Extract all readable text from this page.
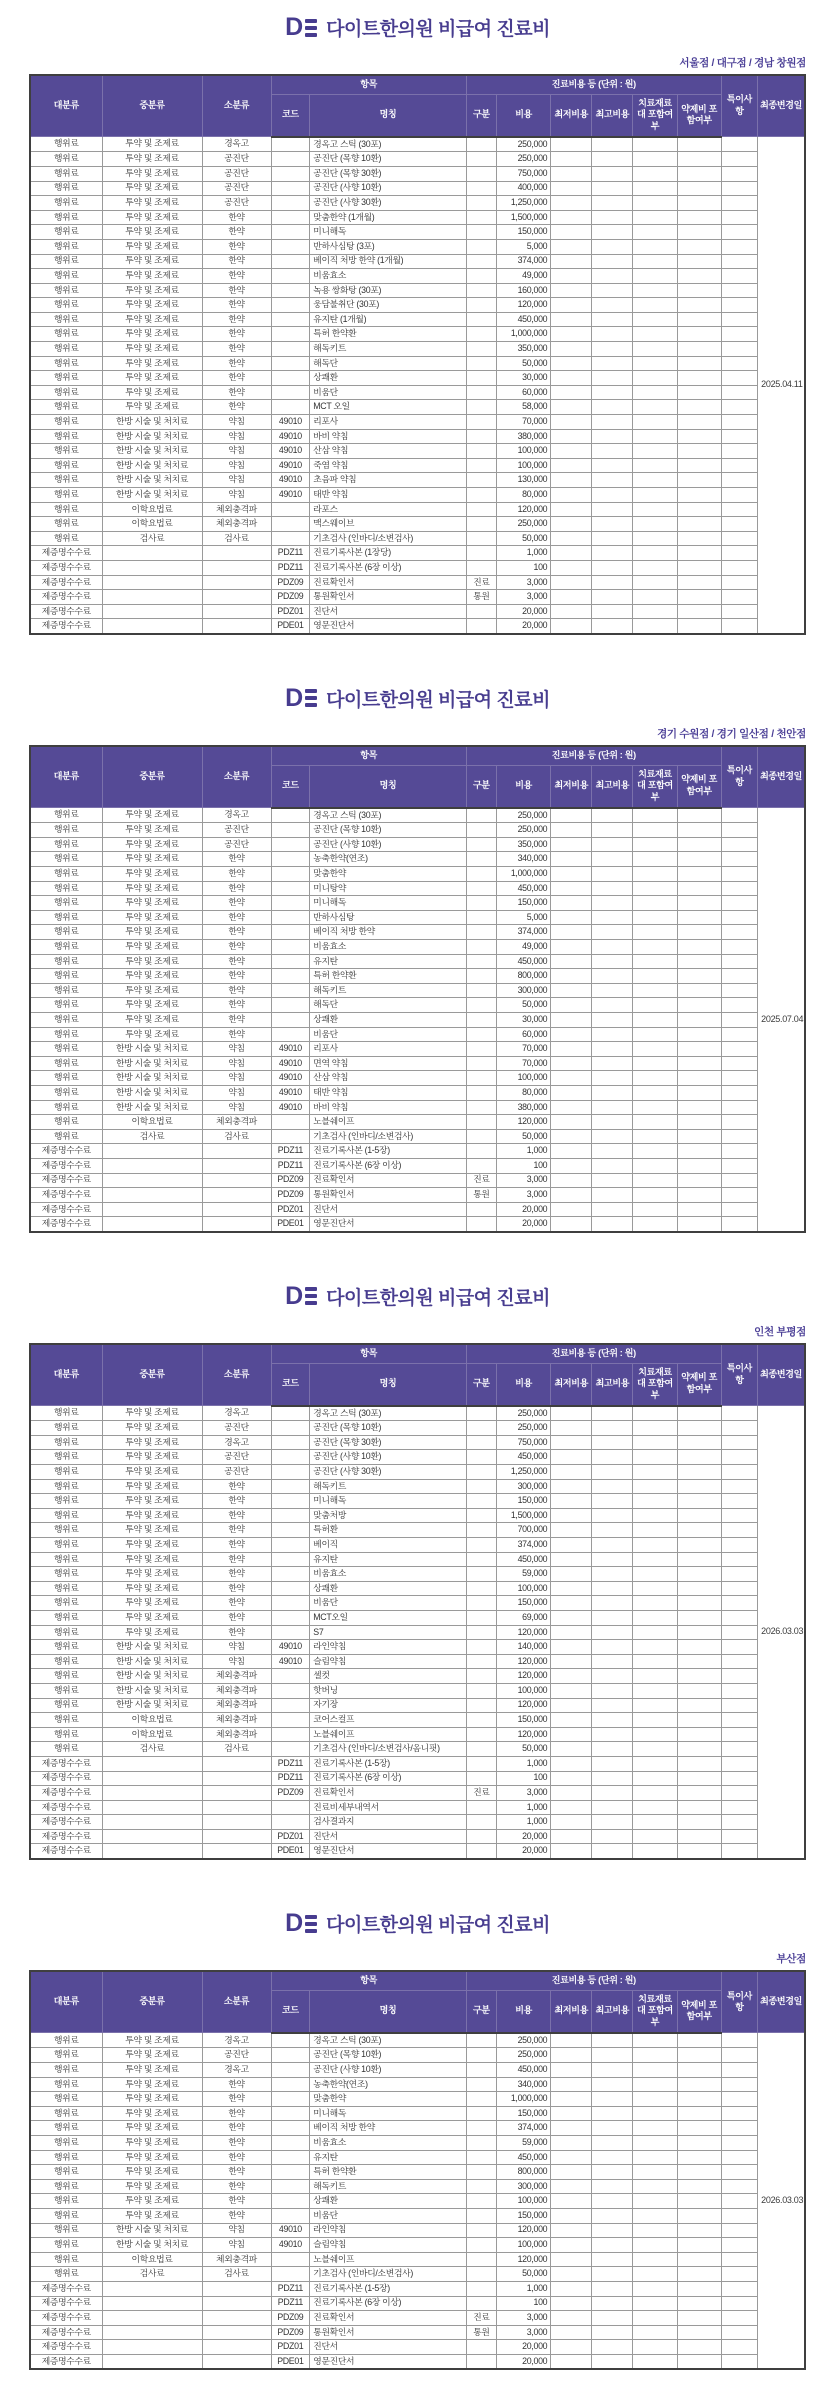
D 다이트한의원 비급여 진료비
서울점 / 대구점 / 경남 창원점
대분류	중분류	소분류	항목		진료비용 등 (단위 : 원)						특이사항	최종변경일
			코드	명칭	구분	비용	최저비용	최고비용	치료재료대 포함여부	약제비 포함여부		
행위료	투약 및 조제료	경옥고		경옥고 스틱 (30포)		250,000						2025.04.11
행위료	투약 및 조제료	공진단		공진단 (목향 10환)		250,000						
행위료	투약 및 조제료	공진단		공진단 (목향 30환)		750,000						
행위료	투약 및 조제료	공진단		공진단 (사향 10환)		400,000						
행위료	투약 및 조제료	공진단		공진단 (사향 30환)		1,250,000						
행위료	투약 및 조제료	한약		맞춤한약 (1개월)		1,500,000						
행위료	투약 및 조제료	한약		미니해독		150,000						
행위료	투약 및 조제료	한약		반하사심탕 (3포)		5,000						
행위료	투약 및 조제료	한약		베이직 처방 한약 (1개월)		374,000						
행위료	투약 및 조제료	한약		비움효소		49,000						
행위료	투약 및 조제료	한약		녹용 쌍화탕 (30포)		160,000						
행위료	투약 및 조제료	한약		웅담불취단 (30포)		120,000						
행위료	투약 및 조제료	한약		유지탄 (1개월)		450,000						
행위료	투약 및 조제료	한약		특허 한약환		1,000,000						
행위료	투약 및 조제료	한약		해독키트		350,000						
행위료	투약 및 조제료	한약		해독단		50,000						
행위료	투약 및 조제료	한약		상쾌환		30,000						
행위료	투약 및 조제료	한약		비움단		60,000						
행위료	투약 및 조제료	한약		MCT 오일		58,000						
행위료	한방 시술 및 처치료	약침	49010	리포사		70,000						
행위료	한방 시술 및 처치료	약침	49010	바비 약침		380,000						
행위료	한방 시술 및 처치료	약침	49010	산삼 약침		100,000						
행위료	한방 시술 및 처치료	약침	49010	죽염 약침		100,000						
행위료	한방 시술 및 처치료	약침	49010	초음파 약침		130,000						
행위료	한방 시술 및 처치료	약침	49010	태반 약침		80,000						
행위료	이학요법료	체외충격파		라포스		120,000						
행위료	이학요법료	체외충격파		맥스웨이브		250,000						
행위료	검사료	검사료		기초검사 (인바디/소변검사)		50,000						
제증명수수료			PDZ11	진료기록사본 (1장당)		1,000						
제증명수수료			PDZ11	진료기록사본 (6장 이상)		100						
제증명수수료			PDZ09	진료확인서	진료	3,000						
제증명수수료			PDZ09	통원확인서	통원	3,000						
제증명수수료			PDZ01	진단서		20,000						
제증명수수료			PDE01	영문진단서		20,000						
D 다이트한의원 비급여 진료비
경기 수원점 / 경기 일산점 / 천안점
대분류	중분류	소분류	항목		진료비용 등 (단위 : 원)						특이사항	최종변경일
			코드	명칭	구분	비용	최저비용	최고비용	치료재료대 포함여부	약제비 포함여부		
행위료	투약 및 조제료	경옥고		경옥고 스틱 (30포)		250,000						2025.07.04
행위료	투약 및 조제료	공진단		공진단 (목향 10환)		250,000						
행위료	투약 및 조제료	공진단		공진단 (사향 10환)		350,000						
행위료	투약 및 조제료	한약		농축한약(연조)		340,000						
행위료	투약 및 조제료	한약		맞춤한약		1,000,000						
행위료	투약 및 조제료	한약		미니탕약		450,000						
행위료	투약 및 조제료	한약		미니해독		150,000						
행위료	투약 및 조제료	한약		반하사심탕		5,000						
행위료	투약 및 조제료	한약		베이직 처방 한약		374,000						
행위료	투약 및 조제료	한약		비움효소		49,000						
행위료	투약 및 조제료	한약		유지탄		450,000						
행위료	투약 및 조제료	한약		특허 한약환		800,000						
행위료	투약 및 조제료	한약		해독키트		300,000						
행위료	투약 및 조제료	한약		해독단		50,000						
행위료	투약 및 조제료	한약		상쾌환		30,000						
행위료	투약 및 조제료	한약		비움단		60,000						
행위료	한방 시술 및 처치료	약침	49010	리포사		70,000						
행위료	한방 시술 및 처치료	약침	49010	면역 약침		70,000						
행위료	한방 시술 및 처치료	약침	49010	산삼 약침		100,000						
행위료	한방 시술 및 처치료	약침	49010	태반 약침		80,000						
행위료	한방 시술 및 처치료	약침	49010	바비 약침		380,000						
행위료	이학요법료	체외충격파		노블쉐이프		120,000						
행위료	검사료	검사료		기초검사 (인바디/소변검사)		50,000						
제증명수수료			PDZ11	진료기록사본 (1-5장)		1,000						
제증명수수료			PDZ11	진료기록사본 (6장 이상)		100						
제증명수수료			PDZ09	진료확인서	진료	3,000						
제증명수수료			PDZ09	통원확인서	통원	3,000						
제증명수수료			PDZ01	진단서		20,000						
제증명수수료			PDE01	영문진단서		20,000						
D 다이트한의원 비급여 진료비
인천 부평점
대분류	중분류	소분류	항목		진료비용 등 (단위 : 원)						특이사항	최종변경일
			코드	명칭	구분	비용	최저비용	최고비용	치료재료대 포함여부	약제비 포함여부		
행위료	투약 및 조제료	경옥고		경옥고 스틱 (30포)		250,000						2026.03.03
행위료	투약 및 조제료	공진단		공진단 (목향 10환)		250,000						
행위료	투약 및 조제료	경옥고		공진단 (목향 30환)		750,000						
행위료	투약 및 조제료	공진단		공진단 (사향 10환)		450,000						
행위료	투약 및 조제료	공진단		공진단 (사향 30환)		1,250,000						
행위료	투약 및 조제료	한약		해독키트		300,000						
행위료	투약 및 조제료	한약		미니해독		150,000						
행위료	투약 및 조제료	한약		맞춤처방		1,500,000						
행위료	투약 및 조제료	한약		특허환		700,000						
행위료	투약 및 조제료	한약		베이직		374,000						
행위료	투약 및 조제료	한약		유지탄		450,000						
행위료	투약 및 조제료	한약		비움효소		59,000						
행위료	투약 및 조제료	한약		상쾌환		100,000						
행위료	투약 및 조제료	한약		비움단		150,000						
행위료	투약 및 조제료	한약		MCT오일		69,000						
행위료	투약 및 조제료	한약		S7		120,000						
행위료	한방 시술 및 처치료	약침	49010	라인약침		140,000						
행위료	한방 시술 및 처치료	약침	49010	슬림약침		120,000						
행위료	한방 시술 및 처치료	체외충격파		셀컷		120,000						
행위료	한방 시술 및 처치료	체외충격파		핫버닝		100,000						
행위료	한방 시술 및 처치료	체외충격파		자기장		120,000						
행위료	이학요법료	체외충격파		코어스컬프		150,000						
행위료	이학요법료	체외충격파		노블쉐이프		120,000						
행위료	검사료	검사료		기초검사 (인바디/소변검사/옴니핏)		50,000						
제증명수수료			PDZ11	진료기록사본 (1-5장)		1,000						
제증명수수료			PDZ11	진료기록사본 (6장 이상)		100						
제증명수수료			PDZ09	진료확인서	진료	3,000						
제증명수수료				진료비세부내역서		1,000						
제증명수수료				검사결과지		1,000						
제증명수수료			PDZ01	진단서		20,000						
제증명수수료			PDE01	영문진단서		20,000						
D 다이트한의원 비급여 진료비
부산점
대분류	중분류	소분류	항목		진료비용 등 (단위 : 원)						특이사항	최종변경일
			코드	명칭	구분	비용	최저비용	최고비용	치료재료대 포함여부	약제비 포함여부		
행위료	투약 및 조제료	경옥고		경옥고 스틱 (30포)		250,000						2026.03.03
행위료	투약 및 조제료	공진단		공진단 (목향 10환)		250,000						
행위료	투약 및 조제료	경옥고		공진단 (사향 10환)		450,000						
행위료	투약 및 조제료	한약		농축한약(연조)		340,000						
행위료	투약 및 조제료	한약		맞춤한약		1,000,000						
행위료	투약 및 조제료	한약		미니해독		150,000						
행위료	투약 및 조제료	한약		베이직 처방 한약		374,000						
행위료	투약 및 조제료	한약		비움효소		59,000						
행위료	투약 및 조제료	한약		유지탄		450,000						
행위료	투약 및 조제료	한약		특허 한약환		800,000						
행위료	투약 및 조제료	한약		해독키트		300,000						
행위료	투약 및 조제료	한약		상쾌환		100,000						
행위료	투약 및 조제료	한약		비움단		150,000						
행위료	한방 시술 및 처치료	약침	49010	라인약침		120,000						
행위료	한방 시술 및 처치료	약침	49010	슬림약침		100,000						
행위료	이학요법료	체외충격파		노블쉐이프		120,000						
행위료	검사료	검사료		기초검사 (인바디/소변검사)		50,000						
제증명수수료			PDZ11	진료기록사본 (1-5장)		1,000						
제증명수수료			PDZ11	진료기록사본 (6장 이상)		100						
제증명수수료			PDZ09	진료확인서	진료	3,000						
제증명수수료			PDZ09	통원확인서	통원	3,000						
제증명수수료			PDZ01	진단서		20,000						
제증명수수료			PDE01	영문진단서		20,000						
